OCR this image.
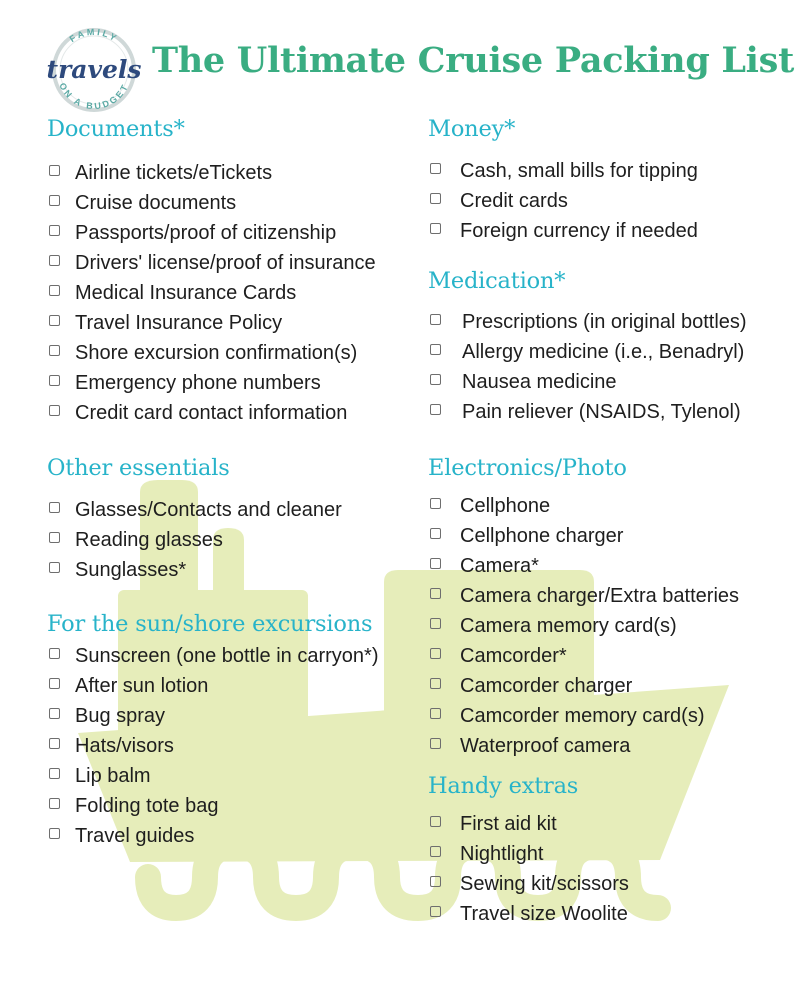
FAMILY
ON A BUDGET
travels The Ultimate Cruise Packing List
Documents*
Airline tickets/eTickets
Cruise documents
Passports/proof of citizenship
Drivers' license/proof of insurance
Medical Insurance Cards
Travel Insurance Policy
Shore excursion confirmation(s)
Emergency phone numbers
Credit card contact information
Other essentials
Glasses/Contacts and cleaner
Reading glasses
Sunglasses*
For the sun/shore excursions
Sunscreen (one bottle in carryon*)
After sun lotion
Bug spray
Hats/visors
Lip balm
Folding tote bag
Travel guides
Money*
Cash, small bills for tipping
Credit cards
Foreign currency if needed
Medication*
Prescriptions (in original bottles)
Allergy medicine (i.e., Benadryl)
Nausea medicine
Pain reliever (NSAIDS, Tylenol)
Electronics/Photo
Cellphone
Cellphone charger
Camera*
Camera charger/Extra batteries
Camera memory card(s)
Camcorder*
Camcorder charger
Camcorder memory card(s)
Waterproof camera
Handy extras
First aid kit
Nightlight
Sewing kit/scissors
Travel size Woolite
